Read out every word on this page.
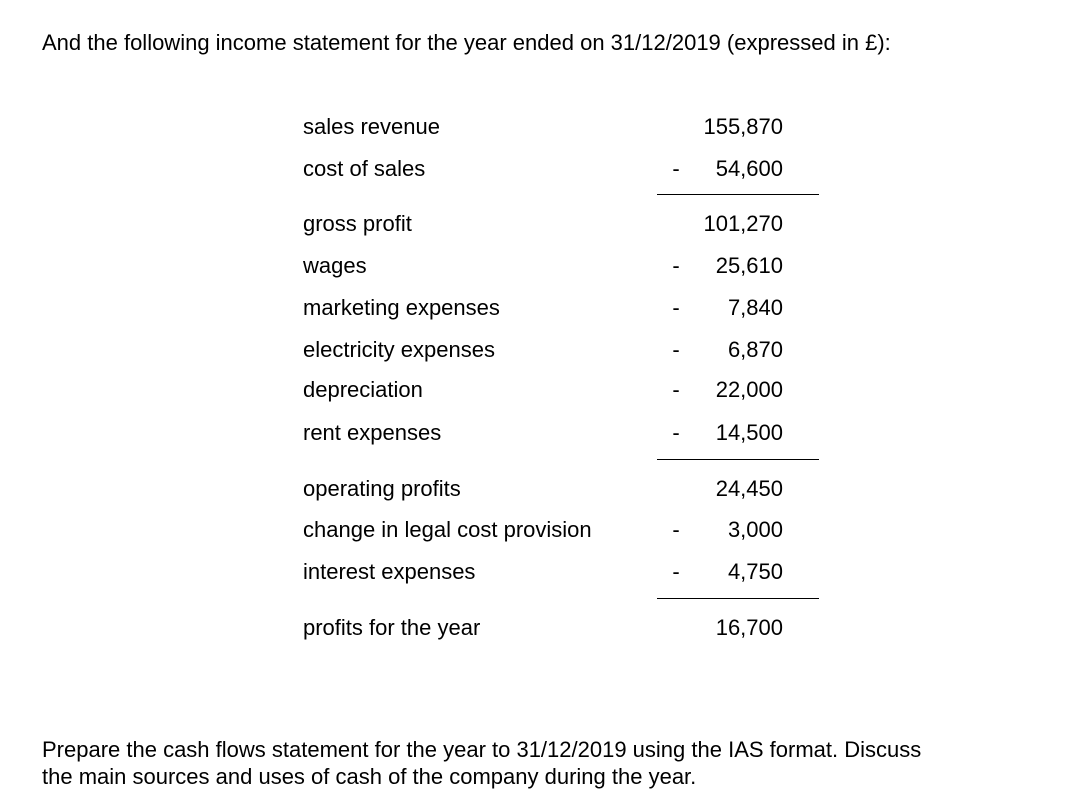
And the following income statement for the year ended on 31/12/2019 (expressed in £):
sales revenue	155,870
cost of sales	- 54,600
gross profit	101,270
wages	- 25,610
marketing expenses	- 7,840
electricity expenses	- 6,870
depreciation	- 22,000
rent expenses	- 14,500
operating profits	24,450
change in legal cost provision	- 3,000
interest expenses	- 4,750
profits for the year	16,700
Prepare the cash flows statement for the year to 31/12/2019 using the IAS format. Discuss
the main sources and uses of cash of the company during the year.
